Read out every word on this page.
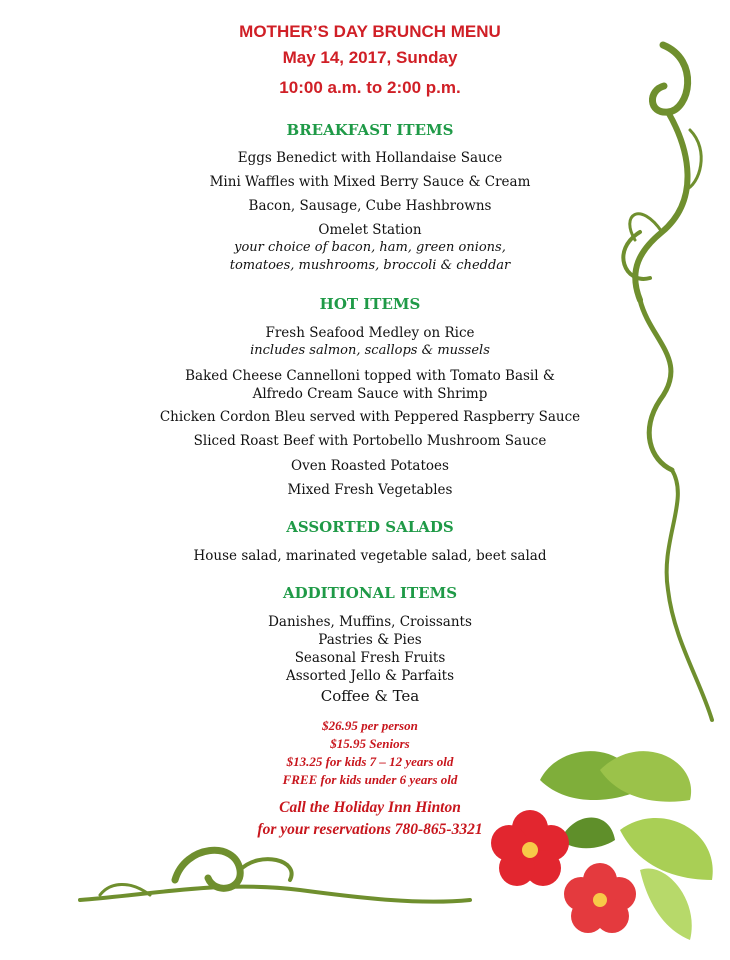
MOTHER’S DAY BRUNCH MENU
May 14, 2017, Sunday
10:00 a.m. to 2:00 p.m.
BREAKFAST ITEMS
Eggs Benedict with Hollandaise Sauce
Mini Waffles with Mixed Berry Sauce & Cream
Bacon, Sausage, Cube Hashbrowns
Omelet Station
your choice of bacon, ham, green onions,
tomatoes, mushrooms, broccoli & cheddar
HOT ITEMS
Fresh Seafood Medley on Rice
includes salmon, scallops & mussels
Baked Cheese Cannelloni topped with Tomato Basil &
Alfredo Cream Sauce with Shrimp
Chicken Cordon Bleu served with Peppered Raspberry Sauce
Sliced Roast Beef with Portobello Mushroom Sauce
Oven Roasted Potatoes
Mixed Fresh Vegetables
ASSORTED SALADS
House salad, marinated vegetable salad, beet salad
ADDITIONAL ITEMS
Danishes, Muffins, Croissants
Pastries & Pies
Seasonal Fresh Fruits
Assorted Jello & Parfaits
Coffee & Tea
$26.95 per person
$15.95 Seniors
$13.25 for kids 7 – 12 years old
FREE for kids under 6 years old
Call the Holiday Inn Hinton
for your reservations 780-865-3321
